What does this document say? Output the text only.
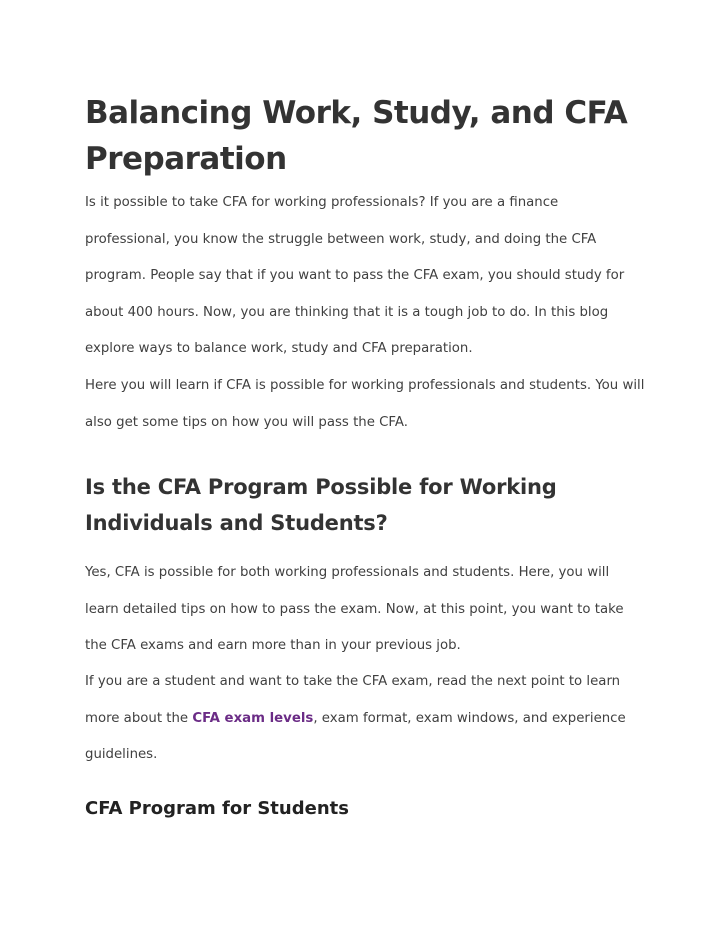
Balancing Work, Study, and CFA Preparation

Is it possible to take CFA for working professionals? If you are a finance professional, you know the struggle between work, study, and doing the CFA program. People say that if you want to pass the CFA exam, you should study for about 400 hours. Now, you are thinking that it is a tough job to do. In this blog explore ways to balance work, study and CFA preparation.

Here you will learn if CFA is possible for working professionals and students. You will also get some tips on how you will pass the CFA.

Is the CFA Program Possible for Working Individuals and Students?

Yes, CFA is possible for both working professionals and students. Here, you will learn detailed tips on how to pass the exam. Now, at this point, you want to take the CFA exams and earn more than in your previous job.

If you are a student and want to take the CFA exam, read the next point to learn more about the CFA exam levels, exam format, exam windows, and experience guidelines.

CFA Program for Students
